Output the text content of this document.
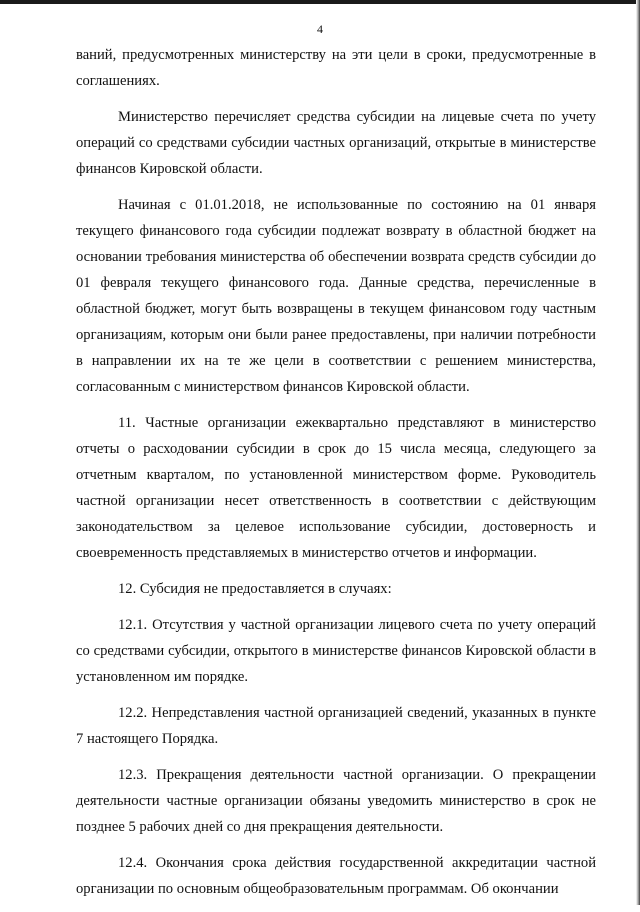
4

ваний, предусмотренных министерству на эти цели в сроки, предусмотренные в соглашениях.

Министерство перечисляет средства субсидии на лицевые счета по учету операций со средствами субсидии частных организаций, открытые в министерстве финансов Кировской области.

Начиная с 01.01.2018, не использованные по состоянию на 01 января текущего финансового года субсидии подлежат возврату в областной бюджет на основании требования министерства об обеспечении возврата средств субсидии до 01 февраля текущего финансового года. Данные средства, перечисленные в областной бюджет, могут быть возвращены в текущем финансовом году частным организациям, которым они были ранее предоставлены, при наличии потребности в направлении их на те же цели в соответствии с решением министерства, согласованным с министерством финансов Кировской области.

11. Частные организации ежеквартально представляют в министерство отчеты о расходовании субсидии в срок до 15 числа месяца, следующего за отчетным кварталом, по установленной министерством форме. Руководитель частной организации несет ответственность в соответствии с действующим законодательством за целевое использование субсидии, достоверность и своевременность представляемых в министерство отчетов и информации.

12. Субсидия не предоставляется в случаях:

12.1. Отсутствия у частной организации лицевого счета по учету операций со средствами субсидии, открытого в министерстве финансов Кировской области в установленном им порядке.

12.2. Непредставления частной организацией сведений, указанных в пункте 7 настоящего Порядка.

12.3. Прекращения деятельности частной организации. О прекращении деятельности частные организации обязаны уведомить министерство в срок не позднее 5 рабочих дней со дня прекращения деятельности.

12.4. Окончания срока действия государственной аккредитации частной организации по основным общеобразовательным программам. Об окончании
